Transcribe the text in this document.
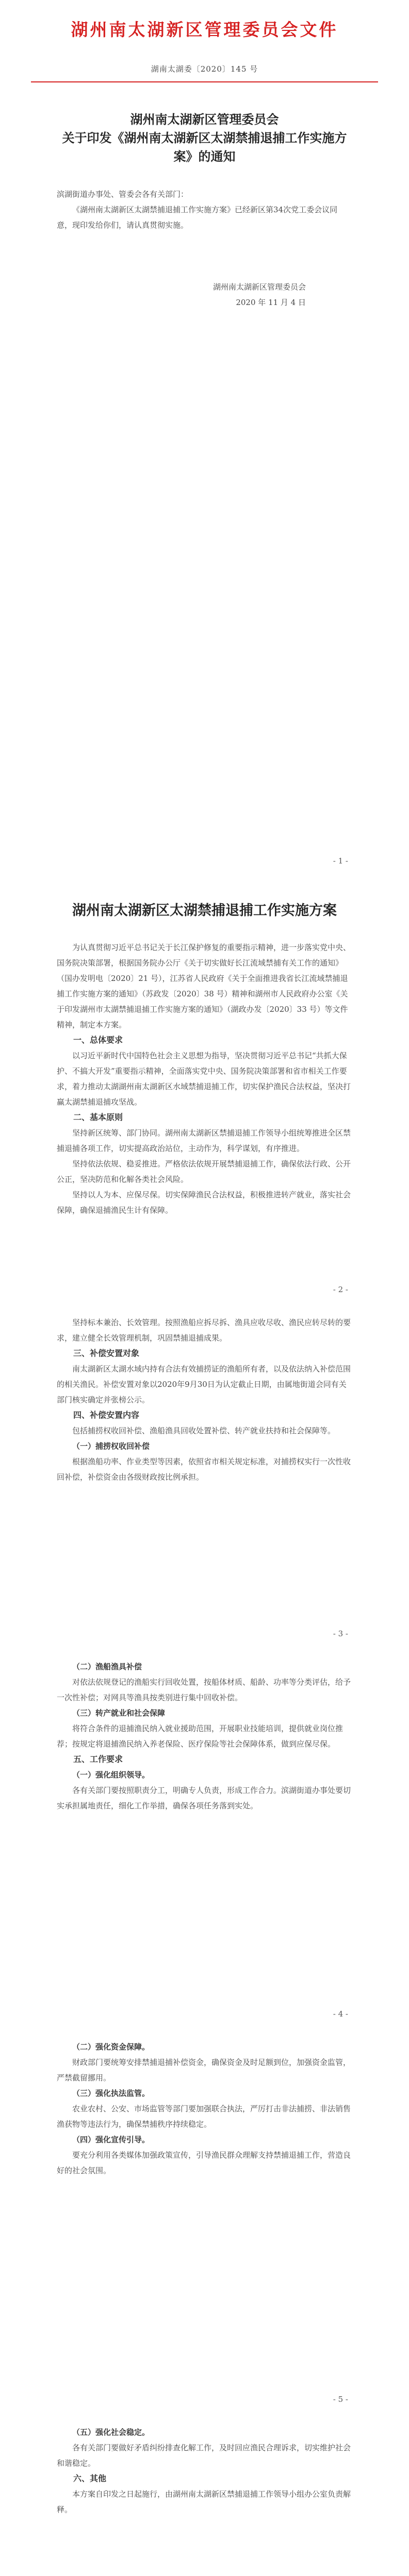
湖州南太湖新区管理委员会文件
湖南太湖委〔2020〕145 号
湖州南太湖新区管理委员会
关于印发《湖州南太湖新区太湖禁捕退捕工作实施方案》的通知
滨湖街道办事处、管委会各有关部门：

《湖州南太湖新区太湖禁捕退捕工作实施方案》已经新区第34次党工委会议同意，现印发给你们，请认真贯彻实施。

湖州南太湖新区管理委员会
2020 年 11 月 4 日
- 1 -
湖州南太湖新区太湖禁捕退捕工作实施方案

为认真贯彻习近平总书记关于长江保护修复的重要指示精神，进一步落实党中央、国务院决策部署，根据国务院办公厅《关于切实做好长江流域禁捕有关工作的通知》（国办发明电〔2020〕21 号），江苏省人民政府《关于全面推进我省长江流域禁捕退捕工作实施方案的通知》（苏政发〔2020〕38 号）精神和湖州市人民政府办公室《关于印发湖州市太湖禁捕退捕工作实施方案的通知》（湖政办发〔2020〕33 号）等文件精神，制定本方案。

一、总体要求

以习近平新时代中国特色社会主义思想为指导，坚决贯彻习近平总书记“共抓大保护、不搞大开发”重要指示精神，全面落实党中央、国务院决策部署和省市相关工作要求，着力推动太湖湖州南太湖新区水域禁捕退捕工作，切实保护渔民合法权益，坚决打赢太湖禁捕退捕攻坚战。

二、基本原则

坚持新区统筹、部门协同。湖州南太湖新区禁捕退捕工作领导小组统筹推进全区禁捕退捕各项工作，切实提高政治站位，主动作为，科学谋划，有序推进。

坚持依法依规、稳妥推进。严格依法依规开展禁捕退捕工作，确保依法行政、公开公正，坚决防范和化解各类社会风险。

坚持以人为本、应保尽保。切实保障渔民合法权益，积极推进转产就业，落实社会保障，确保退捕渔民生计有保障。

- 2 -

坚持标本兼治、长效管理。按照渔船应拆尽拆、渔具应收尽收、渔民应转尽转的要求，建立健全长效管理机制，巩固禁捕退捕成果。

三、补偿安置对象

南太湖新区太湖水域内持有合法有效捕捞证的渔船所有者，以及依法纳入补偿范围的相关渔民。补偿安置对象以2020年9月30日为认定截止日期，由属地街道会同有关部门核实确定并张榜公示。

四、补偿安置内容

包括捕捞权收回补偿、渔船渔具回收处置补偿、转产就业扶持和社会保障等。

（一）捕捞权收回补偿

根据渔船功率、作业类型等因素，依照省市相关规定标准，对捕捞权实行一次性收回补偿，补偿资金由各级财政按比例承担。

- 3 -

（二）渔船渔具补偿

对依法依规登记的渔船实行回收处置，按船体材质、船龄、功率等分类评估，给予一次性补偿；对网具等渔具按类别进行集中回收补偿。

（三）转产就业和社会保障

将符合条件的退捕渔民纳入就业援助范围，开展职业技能培训，提供就业岗位推荐；按规定将退捕渔民纳入养老保险、医疗保险等社会保障体系，做到应保尽保。

五、工作要求

（一）强化组织领导。

各有关部门要按照职责分工，明确专人负责，形成工作合力。滨湖街道办事处要切实承担属地责任，细化工作举措，确保各项任务落到实处。

- 4 -

（二）强化资金保障。

财政部门要统筹安排禁捕退捕补偿资金，确保资金及时足额到位，加强资金监管，严禁截留挪用。

（三）强化执法监管。

农业农村、公安、市场监管等部门要加强联合执法，严厉打击非法捕捞、非法销售渔获物等违法行为，确保禁捕秩序持续稳定。

（四）强化宣传引导。

要充分利用各类媒体加强政策宣传，引导渔民群众理解支持禁捕退捕工作，营造良好的社会氛围。

- 5 -

（五）强化社会稳定。

各有关部门要做好矛盾纠纷排查化解工作，及时回应渔民合理诉求，切实维护社会和谐稳定。

六、其他

本方案自印发之日起施行，由湖州南太湖新区禁捕退捕工作领导小组办公室负责解释。
